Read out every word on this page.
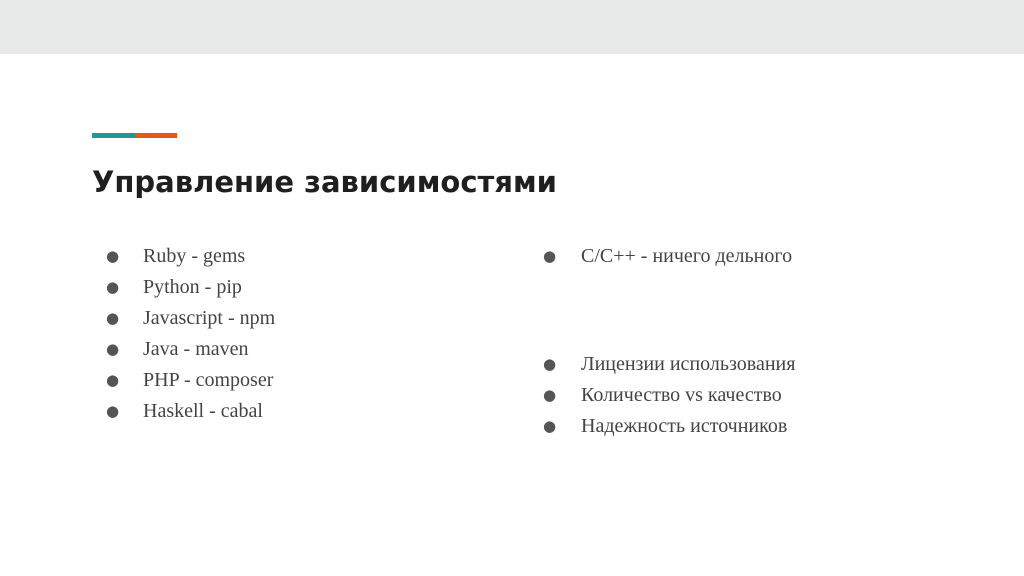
Управление зависимостями
● Ruby - gems
● Python - pip
● Javascript - npm
● Java - maven
● PHP - composer
● Haskell - cabal
● C/C++ - ничего дельного
● Лицензии использования
● Количество vs качество
● Надежность источников
